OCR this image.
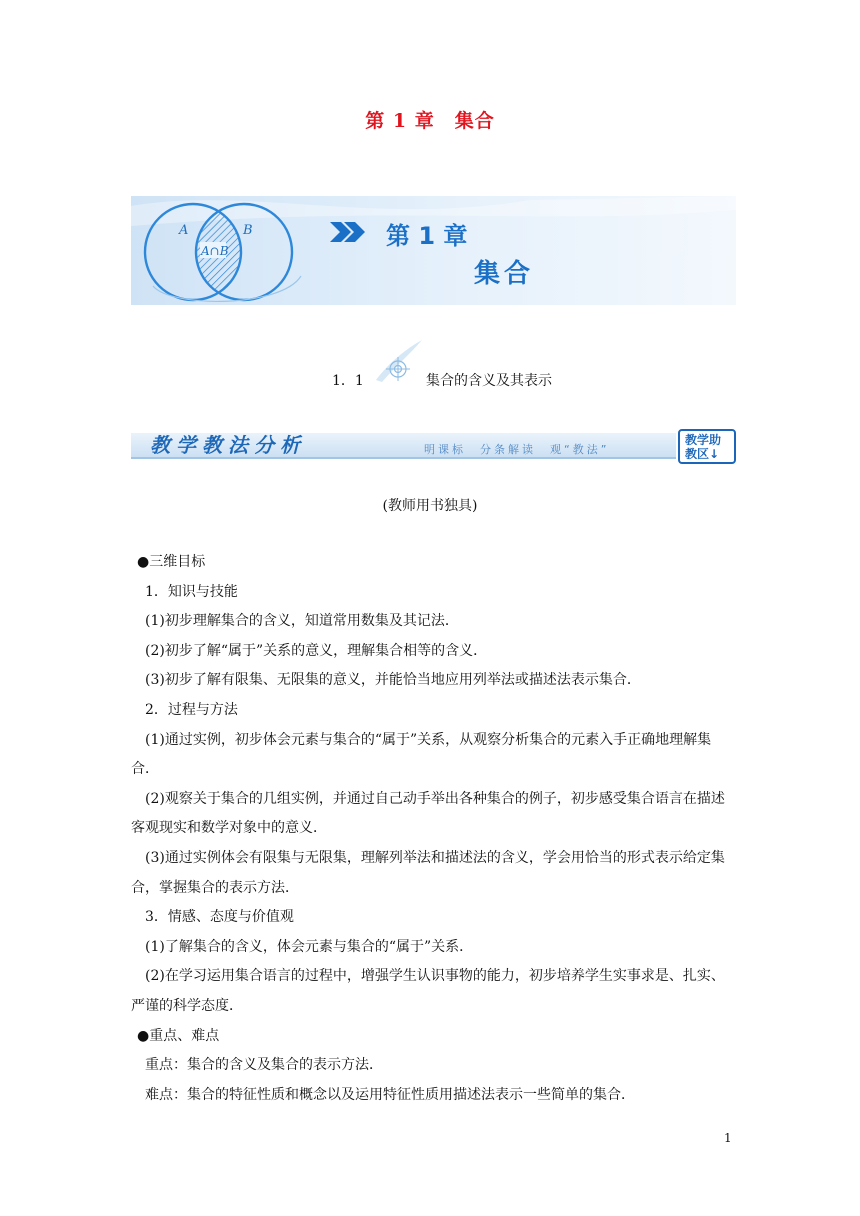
第 1 章　集合
A	B
A∩B
第 1 章
集合
1．1	集合的含义及其表示
教学教法分析	明课标　分条解读　观“教法”
教学助
教区↓
(教师用书独具)

●三维目标

1．知识与技能

(1)初步理解集合的含义，知道常用数集及其记法．

(2)初步了解“属于”关系的意义，理解集合相等的含义．

(3)初步了解有限集、无限集的意义，并能恰当地应用列举法或描述法表示集合．

2．过程与方法

(1)通过实例，初步体会元素与集合的“属于”关系，从观察分析集合的元素入手正确地理解集合．

(2)观察关于集合的几组实例，并通过自己动手举出各种集合的例子，初步感受集合语言在描述客观现实和数学对象中的意义．

(3)通过实例体会有限集与无限集，理解列举法和描述法的含义，学会用恰当的形式表示给定集合，掌握集合的表示方法．

3．情感、态度与价值观

(1)了解集合的含义，体会元素与集合的“属于”关系．

(2)在学习运用集合语言的过程中，增强学生认识事物的能力，初步培养学生实事求是、扎实、严谨的科学态度．

●重点、难点

重点：集合的含义及集合的表示方法．

难点：集合的特征性质和概念以及运用特征性质用描述法表示一些简单的集合．

1
